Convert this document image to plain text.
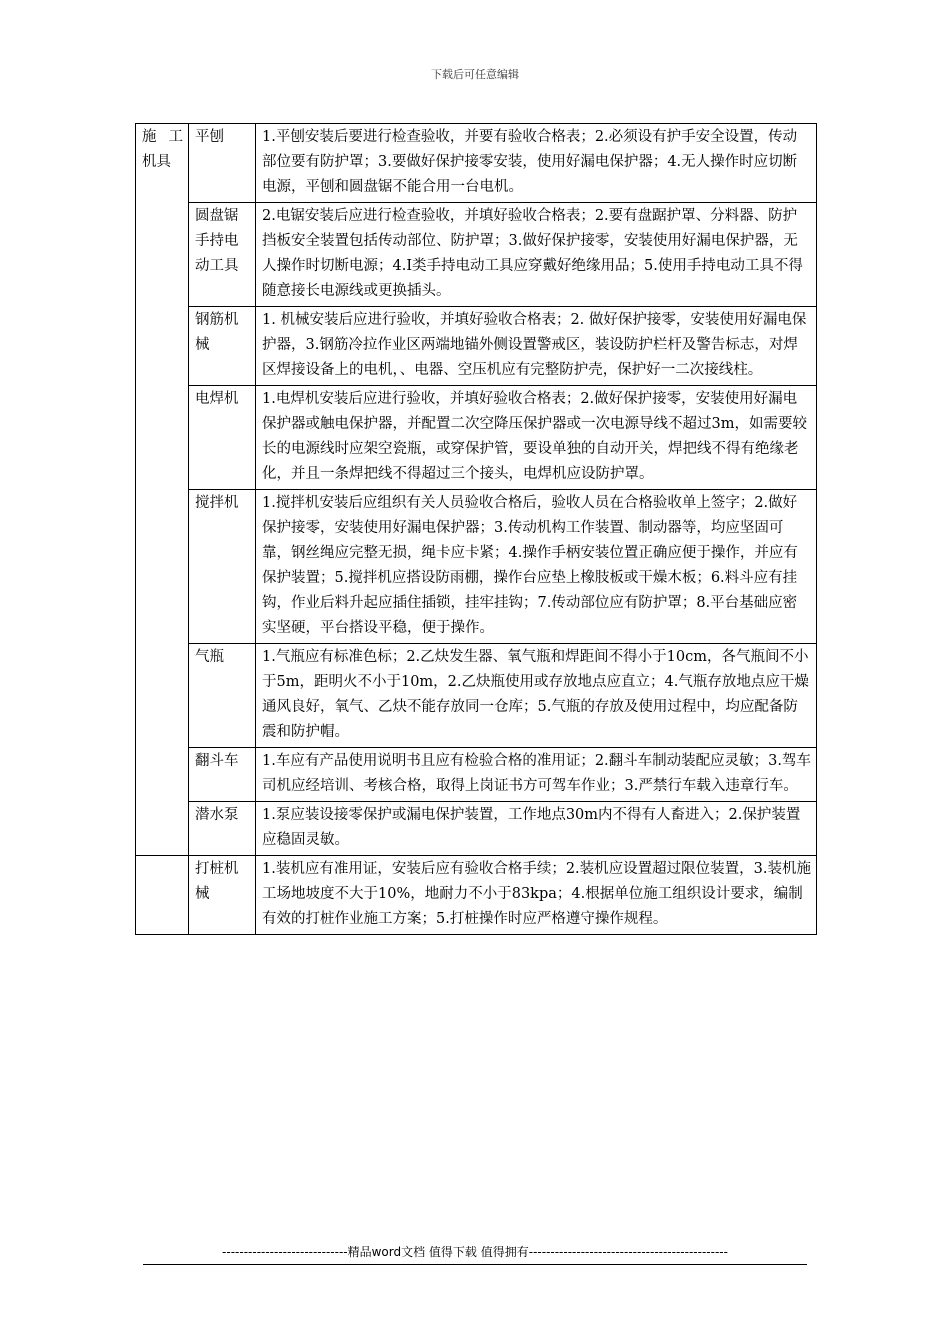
下载后可任意编辑
施工机具	平刨	1.平刨安装后要进行检查验收，并要有验收合格表；2.必须设有护手安全设置，传动部位要有防护罩；3.要做好保护接零安装，使用好漏电保护器；4.无人操作时应切断电源，平刨和圆盘锯不能合用一台电机。
	圆盘锯手持电动工具	2.电锯安装后应进行检查验收，并填好验收合格表；2.要有盘踞护罩、分料器、防护挡板安全装置包括传动部位、防护罩；3.做好保护接零，安装使用好漏电保护器，无人操作时切断电源；4.Ⅰ类手持电动工具应穿戴好绝缘用品；5.使用手持电动工具不得随意接长电源线或更换插头。
	钢筋机械	1. 机械安装后应进行验收，并填好验收合格表；2. 做好保护接零，安装使用好漏电保护器，3.钢筋冷拉作业区两端地锚外侧设置警戒区，装设防护栏杆及警告标志，对焊区焊接设备上的电机，、电器、空压机应有完整防护壳，保护好一二次接线柱。
	电焊机	1.电焊机安装后应进行验收，并填好验收合格表；2.做好保护接零，安装使用好漏电保护器或触电保护器，并配置二次空降压保护器或一次电源导线不超过3m，如需要较长的电源线时应架空瓷瓶，或穿保护管，要设单独的自动开关，焊把线不得有绝缘老化，并且一条焊把线不得超过三个接头，电焊机应设防护罩。
	搅拌机	1.搅拌机安装后应组织有关人员验收合格后，验收人员在合格验收单上签字；2.做好保护接零，安装使用好漏电保护器；3.传动机构工作装置、制动器等，均应坚固可靠，钢丝绳应完整无损，绳卡应卡紧；4.操作手柄安装位置正确应便于操作，并应有保护装置；5.搅拌机应搭设防雨棚，操作台应垫上橡肢板或干燥木板；6.料斗应有挂钩，作业后料升起应插住插锁，挂牢挂钩；7.传动部位应有防护罩；8.平台基础应密实坚硬，平台搭设平稳，便于操作。
	气瓶	1.气瓶应有标准色标；2.乙炔发生器、氧气瓶和焊距间不得小于10cm，各气瓶间不小于5m，距明火不小于10m，2.乙炔瓶使用或存放地点应直立；4.气瓶存放地点应干燥通风良好，氧气、乙炔不能存放同一仓库；5.气瓶的存放及使用过程中，均应配备防震和防护帽。
	翻斗车	1.车应有产品使用说明书且应有检验合格的准用证；2.翻斗车制动装配应灵敏；3.驾车司机应经培训、考核合格，取得上岗证书方可驾车作业；3.严禁行车载入违章行车。
	潜水泵	1.泵应装设接零保护或漏电保护装置，工作地点30m内不得有人畜进入；2.保护装置应稳固灵敏。
	打桩机械	1.装机应有准用证，安装后应有验收合格手续；2.装机应设置超过限位装置，3.装机施工场地坡度不大于10%，地耐力不小于83kpa；4.根据单位施工组织设计要求，编制有效的打桩作业施工方案；5.打桩操作时应严格遵守操作规程。
-----------------------------精品word文档 值得下载 值得拥有----------------------------------------------
